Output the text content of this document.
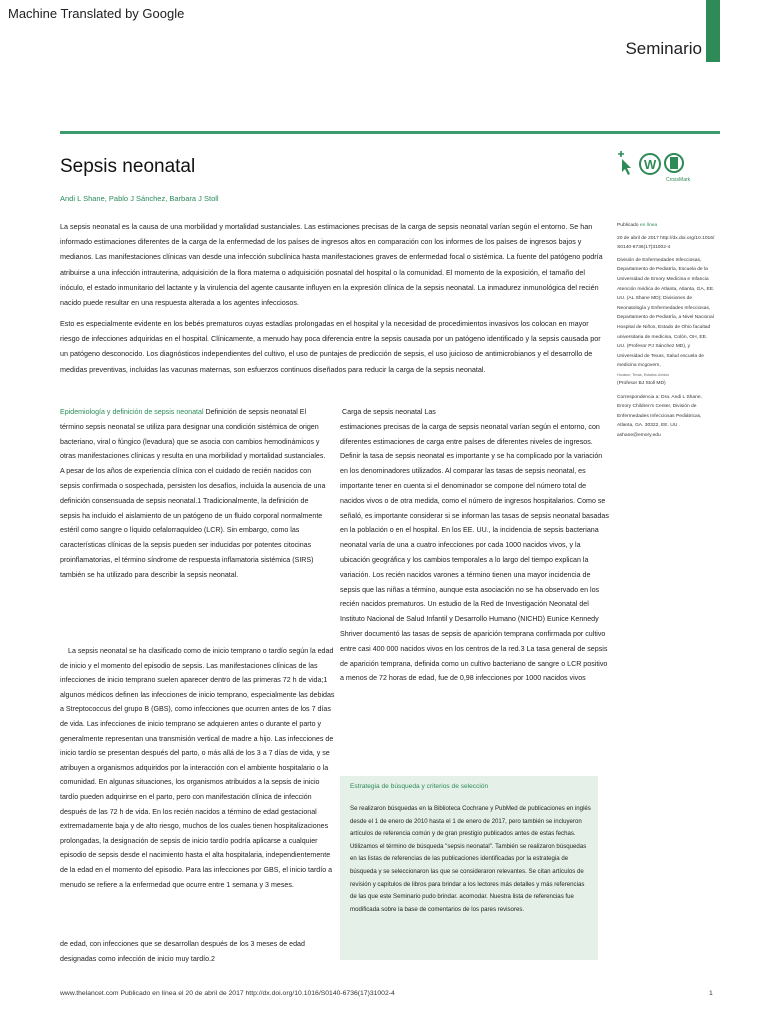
Machine Translated by Google
Seminario
Sepsis neonatal
Andi L Shane, Pablo J Sánchez, Barbara J Stoll
W
CrossMark

La sepsis neonatal es la causa de una morbilidad y mortalidad sustanciales. Las estimaciones precisas de la carga de sepsis neonatal varían según el entorno. Se han informado estimaciones diferentes de la carga de la enfermedad de los países de ingresos altos en comparación con los informes de los países de ingresos bajos y medianos. Las manifestaciones clínicas van desde una infección subclínica hasta manifestaciones graves de enfermedad focal o sistémica. La fuente del patógeno podría atribuirse a una infección intrauterina, adquisición de la flora materna o adquisición posnatal del hospital o la comunidad. El momento de la exposición, el tamaño del inóculo, el estado inmunitario del lactante y la virulencia del agente causante influyen en la expresión clínica de la sepsis neonatal. La inmadurez inmunológica del recién nacido puede resultar en una respuesta alterada a los agentes infecciosos.

Esto es especialmente evidente en los bebés prematuros cuyas estadías prolongadas en el hospital y la necesidad de procedimientos invasivos los colocan en mayor riesgo de infecciones adquiridas en el hospital. Clínicamente, a menudo hay poca diferencia entre la sepsis causada por un patógeno identificado y la sepsis causada por un patógeno desconocido. Los diagnósticos independientes del cultivo, el uso de puntajes de predicción de sepsis, el uso juicioso de antimicrobianos y el desarrollo de medidas preventivas, incluidas las vacunas maternas, son esfuerzos continuos diseñados para reducir la carga de la sepsis neonatal.

Epidemiología y definición de sepsis neonatal Definición de sepsis neonatal El término sepsis neonatal se utiliza para designar una condición sistémica de origen bacteriano, viral o fúngico (levadura) que se asocia con cambios hemodinámicos y otras manifestaciones clínicas y resulta en una morbilidad y mortalidad sustanciales. A pesar de los años de experiencia clínica con el cuidado de recién nacidos con sepsis confirmada o sospechada, persisten los desafíos, incluida la ausencia de una definición consensuada de sepsis neonatal.1 Tradicionalmente, la definición de sepsis ha incluido el aislamiento de un patógeno de un fluido corporal normalmente estéril como sangre o líquido cefalorraquídeo (LCR). Sin embargo, como las características clínicas de la sepsis pueden ser inducidas por potentes citocinas proinflamatorias, el término síndrome de respuesta inflamatoria sistémica (SIRS) también se ha utilizado para describir la sepsis neonatal.

La sepsis neonatal se ha clasificado como de inicio temprano o tardío según la edad de inicio y el momento del episodio de sepsis. Las manifestaciones clínicas de las infecciones de inicio temprano suelen aparecer dentro de las primeras 72 h de vida;1 algunos médicos definen las infecciones de inicio temprano, especialmente las debidas a Streptococcus del grupo B (GBS), como infecciones que ocurren antes de los 7 días de vida. Las infecciones de inicio temprano se adquieren antes o durante el parto y generalmente representan una transmisión vertical de madre a hijo. Las infecciones de inicio tardío se presentan después del parto, o más allá de los 3 a 7 días de vida, y se atribuyen a organismos adquiridos por la interacción con el ambiente hospitalario o la comunidad. En algunas situaciones, los organismos atribuidos a la sepsis de inicio tardío pueden adquirirse en el parto, pero con manifestación clínica de infección después de las 72 h de vida. En los recién nacidos a término de edad gestacional extremadamente baja y de alto riesgo, muchos de los cuales tienen hospitalizaciones prolongadas, la designación de sepsis de inicio tardío podría aplicarse a cualquier episodio de sepsis desde el nacimiento hasta el alta hospitalaria, independientemente de la edad en el momento del episodio. Para las infecciones por GBS, el inicio tardío a menudo se refiere a la enfermedad que ocurre entre 1 semana y 3 meses.

de edad, con infecciones que se desarrollan después de los 3 meses de edad designadas como infección de inicio muy tardío.2

Carga de sepsis neonatal Las
estimaciones precisas de la carga de sepsis neonatal varían según el entorno, con diferentes estimaciones de carga entre países de diferentes niveles de ingresos. Definir la tasa de sepsis neonatal es importante y se ha complicado por la variación en los denominadores utilizados. Al comparar las tasas de sepsis neonatal, es importante tener en cuenta si el denominador se compone del número total de nacidos vivos o de otra medida, como el número de ingresos hospitalarios. Como se señaló, es importante considerar si se informan las tasas de sepsis neonatal basadas en la población o en el hospital. En los EE. UU., la incidencia de sepsis bacteriana neonatal varía de una a cuatro infecciones por cada 1000 nacidos vivos, y la ubicación geográfica y los cambios temporales a lo largo del tiempo explican la variación. Los recién nacidos varones a término tienen una mayor incidencia de sepsis que las niñas a término, aunque esta asociación no se ha observado en los recién nacidos prematuros. Un estudio de la Red de Investigación Neonatal del Instituto Nacional de Salud Infantil y Desarrollo Humano (NICHD) Eunice Kennedy Shriver documentó las tasas de sepsis de aparición temprana confirmada por cultivo entre casi 400 000 nacidos vivos en los centros de la red.3 La tasa general de sepsis de aparición temprana, definida como un cultivo bacteriano de sangre o LCR positivo a menos de 72 horas de edad, fue de 0,98 infecciones por 1000 nacidos vivos
Publicado en línea
20 de abril de 2017 http://dx.doi.org/10.1016/ S0140-6736(17)31002-4
División de Enfermedades Infecciosas, Departamento de Pediatría, Escuela de la Universidad de Emory Medicina e Infancia Atención médica de Atlanta, Atlanta, GA, EE. UU. (AL Shane MD); Divisiones de Neonatología y Enfermedades Infecciosas, Departamento de Pediatría, a Nivel Nacional Hospital de Niños, Estado de Ohio facultad universitaria de medicina, Colón, OH, EE. UU. (Profesor PJ Sánchez MD), y Universidad de Texas, Salud escuela de medicina mcgovern,
Houston, Texas, Estados Unidos
(Profesor BJ Stoll MD)
Correspondencia a: Dra. Andi L Shane, Emory Children's Center, División de Enfermedades Infecciosas Pediátricas, Atlanta, GA. 30322, EE. UU . ashane@emory.edu
Estrategia de búsqueda y criterios de selección

Se realizaron búsquedas en la Biblioteca Cochrane y PubMed de publicaciones en inglés desde el 1 de enero de 2010 hasta el 1 de enero de 2017, pero también se incluyeron artículos de referencia común y de gran prestigio publicados antes de estas fechas. Utilizamos el término de búsqueda "sepsis neonatal". También se realizaron búsquedas en las listas de referencias de las publicaciones identificadas por la estrategia de búsqueda y se seleccionaron las que se consideraron relevantes. Se citan artículos de revisión y capítulos de libros para brindar a los lectores más detalles y más referencias de las que este Seminario pudo brindar. acomodar. Nuestra lista de referencias fue modificada sobre la base de comentarios de los pares revisores.

www.thelancet.com Publicado en línea el 20 de abril de 2017 http://dx.doi.org/10.1016/S0140-6736(17)31002-4	1
